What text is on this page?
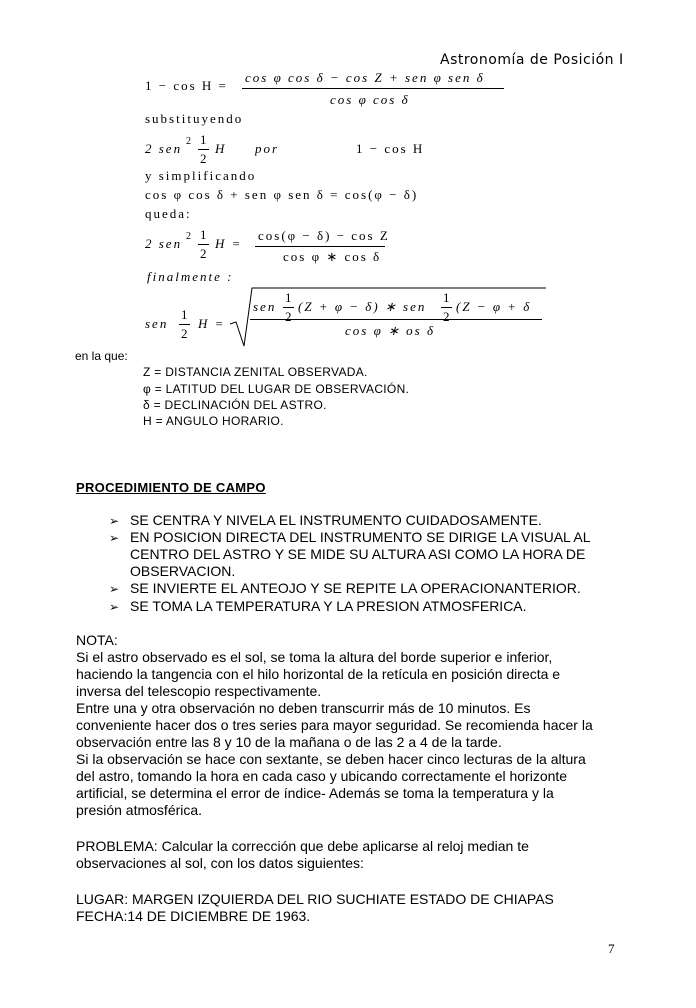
Astronomía de Posición I
1 − cos H =
cos φ cos δ − cos Z + sen φ sen δ
cos φ cos δ
substituyendo
2 sen 2 1
2
H por	1 − cos H
y simplificando
cos φ cos δ + sen φ sen δ = cos(φ − δ)
queda:
2 sen 2 1
2
H =
cos(φ − δ) − cos Z
cos φ ∗ cos δ
finalmente :
sen
1
2
H =
sen
1
2
(Z + φ − δ) ∗ sen
1
2
(Z − φ + δ
cos φ ∗ os δ
en la que:
Z = DISTANCIA ZENITAL OBSERVADA.
φ = LATITUD DEL LUGAR DE OBSERVACIÓN.
δ = DECLINACIÓN DEL ASTRO.
H = ANGULO HORARIO.
PROCEDIMIENTO DE CAMPO
➢ SE CENTRA Y NIVELA EL INSTRUMENTO CUIDADOSAMENTE.
➢ EN POSICION DIRECTA DEL INSTRUMENTO SE DIRIGE LA VISUAL AL
CENTRO DEL ASTRO Y SE MIDE SU ALTURA ASI COMO LA HORA DE
OBSERVACION.
➢ SE INVIERTE EL ANTEOJO Y SE REPITE LA OPERACIONANTERIOR.
➢ SE TOMA LA TEMPERATURA Y LA PRESION ATMOSFERICA.
NOTA:
Si el astro observado es el sol, se toma la altura del borde superior e inferior,
haciendo la tangencia con el hilo horizontal de la retícula en posición directa e
inversa del telescopio respectivamente.
Entre una y otra observación no deben transcurrir más de 10 minutos. Es
conveniente hacer dos o tres series para mayor seguridad. Se recomienda hacer la
observación entre las 8 y 10 de la mañana o de las 2 a 4 de la tarde.
Si la observación se hace con sextante, se deben hacer cinco lecturas de la altura
del astro, tomando la hora en cada caso y ubicando correctamente el horizonte
artificial, se determina el error de índice- Además se toma la temperatura y la
presión atmosférica.
PROBLEMA: Calcular la corrección que debe aplicarse al reloj median te
observaciones al sol, con los datos siguientes:
LUGAR: MARGEN IZQUIERDA DEL RIO SUCHIATE ESTADO DE CHIAPAS
FECHA:14 DE DICIEMBRE DE 1963.
7
